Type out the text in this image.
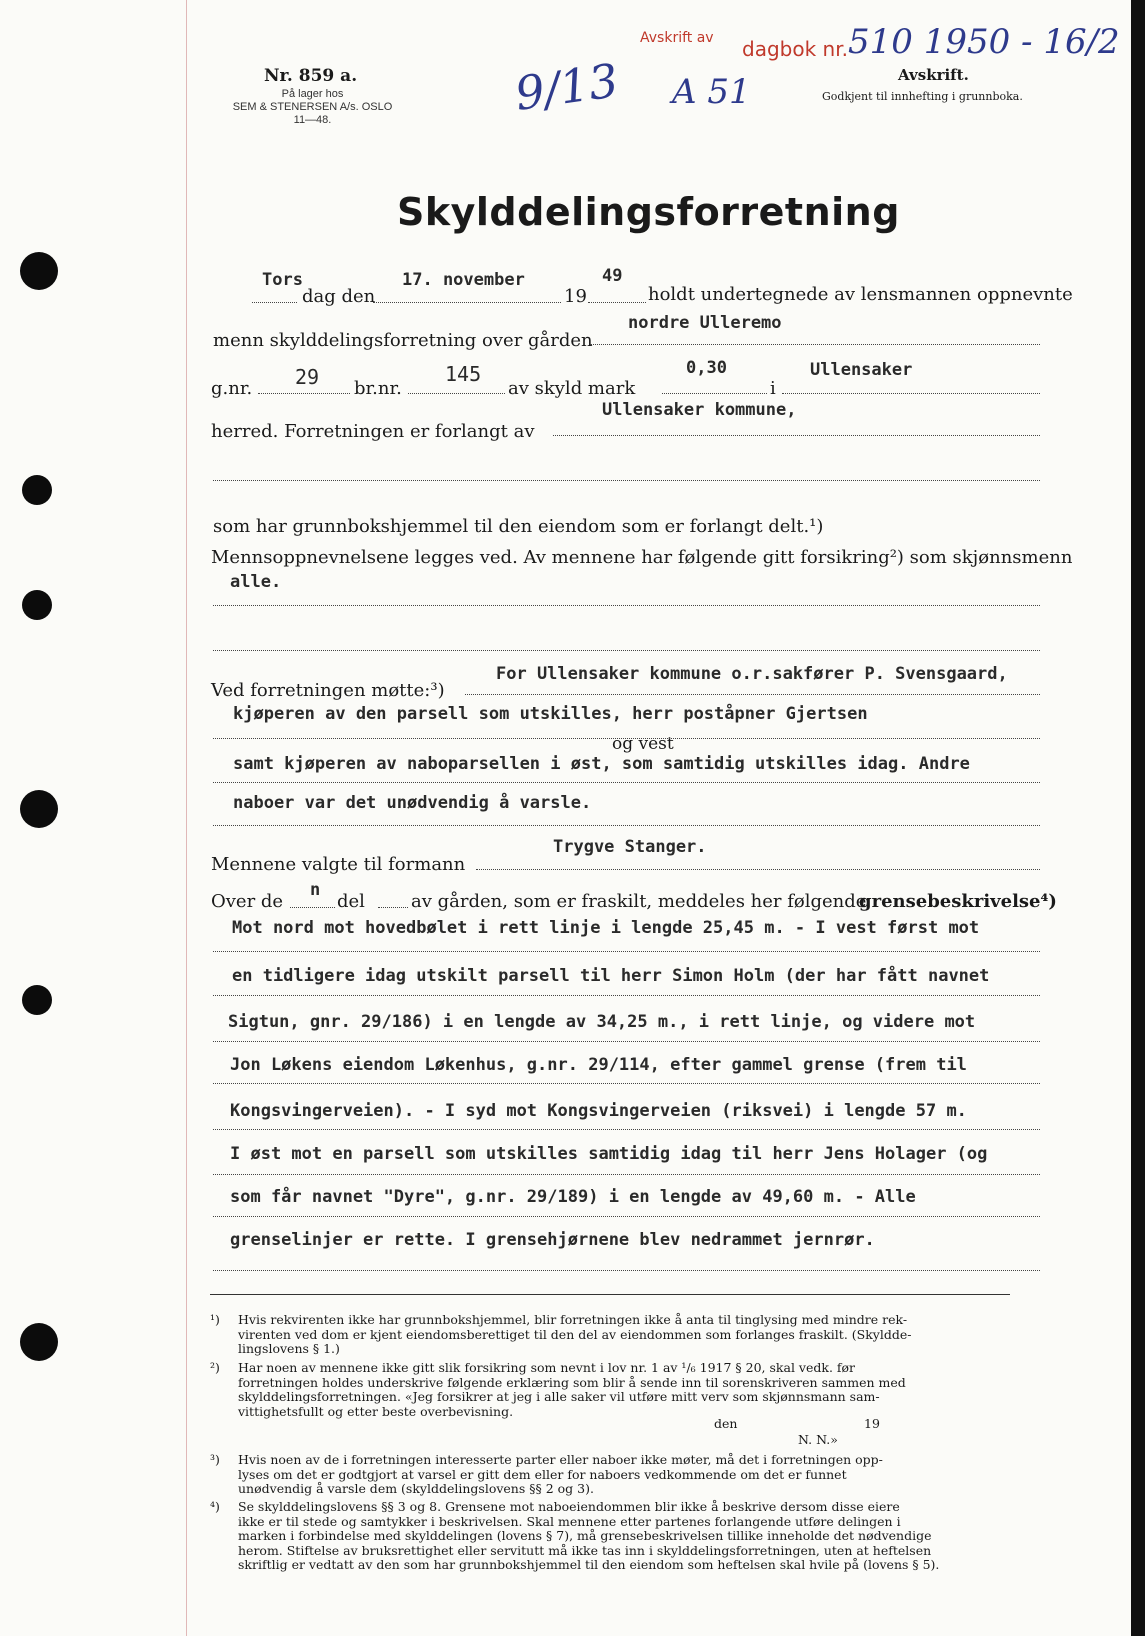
Nr. 859 a.
På lager hos
SEM & STENERSEN A/s. OSLO
11—48.	9/13
Avskrift av dagbok nr. 510 1950 - 16/2
A 51	Avskrift.
Godkjent til innhefting i grunnboka.
Skylddelingsforretning
Tors
dag den
17. november
19
49
holdt undertegnede av lensmannen oppnevnte
nordre Ulleremo
menn skylddelingsforretning over gården
g.nr. 29 br.nr.
145
av skyld mark
0,30
i
Ullensaker
Ullensaker kommune,
herred. Forretningen er forlangt av
som har grunnbokshjemmel til den eiendom som er forlangt delt.¹)
Mennsoppnevnelsene legges ved. Av mennene har følgende gitt forsikring²) som skjønnsmenn
alle.
For Ullensaker kommune o.r.sakfører P. Svensgaard,
Ved forretningen møtte:³)
kjøperen av den parsell som utskilles, herr poståpner Gjertsen
og vest
samt kjøperen av naboparsellen i øst, som samtidig utskilles idag. Andre
naboer var det unødvendig å varsle.
Trygve Stanger.
Mennene valgte til formann
Over de
n
del	av gården, som er fraskilt, meddeles her følgende
grensebeskrivelse⁴)
Mot nord mot hovedbølet i rett linje i lengde 25,45 m. - I vest først mot
en tidligere idag utskilt parsell til herr Simon Holm (der har fått navnet
Sigtun, gnr. 29/186) i en lengde av 34,25 m., i rett linje, og videre mot
Jon Løkens eiendom Løkenhus, g.nr. 29/114, efter gammel grense (frem til
Kongsvingerveien). - I syd mot Kongsvingerveien (riksvei) i lengde 57 m.
I øst mot en parsell som utskilles samtidig idag til herr Jens Holager (og
som får navnet "Dyre", g.nr. 29/189) i en lengde av 49,60 m. - Alle
grenselinjer er rette. I grensehjørnene blev nedrammet jernrør.
¹) Hvis rekvirenten ikke har grunnbokshjemmel, blir forretningen ikke å anta til tinglysing med mindre rek-
virenten ved dom er kjent eiendomsberettiget til den del av eiendommen som forlanges fraskilt. (Skyldde-
lingslovens § 1.)
²) Har noen av mennene ikke gitt slik forsikring som nevnt i lov nr. 1 av ¹/₆ 1917 § 20, skal vedk. før
forretningen holdes underskrive følgende erklæring som blir å sende inn til sorenskriveren sammen med
skylddelingsforretningen. «Jeg forsikrer at jeg i alle saker vil utføre mitt verv som skjønnsmann sam-
vittighetsfullt og etter beste overbevisning.
den	19
N. N.»
³) Hvis noen av de i forretningen interesserte parter eller naboer ikke møter, må det i forretningen opp-
lyses om det er godtgjort at varsel er gitt dem eller for naboers vedkommende om det er funnet
unødvendig å varsle dem (skylddelingslovens §§ 2 og 3).
⁴) Se skylddelingslovens §§ 3 og 8. Grensene mot naboeiendommen blir ikke å beskrive dersom disse eiere
ikke er til stede og samtykker i beskrivelsen. Skal mennene etter partenes forlangende utføre delingen i
marken i forbindelse med skylddelingen (lovens § 7), må grensebeskrivelsen tillike inneholde det nødvendige
herom. Stiftelse av bruksrettighet eller servitutt må ikke tas inn i skylddelingsforretningen, uten at heftelsen
skriftlig er vedtatt av den som har grunnbokshjemmel til den eiendom som heftelsen skal hvile på (lovens § 5).
